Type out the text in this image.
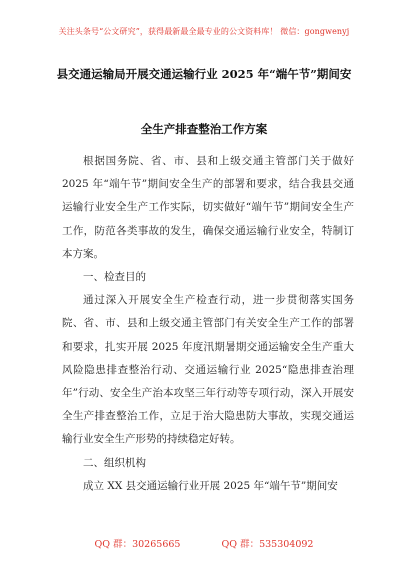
关注头条号“公文研究”，获得最新最全最专业的公文资料库！ 微信：gongwenyj
县交通运输局开展交通运输行业 2025 年“端午节”期间安
全生产排查整治工作方案

根据国务院、省、市、县和上级交通主管部门关于做好 2025 年“端午节”期间安全生产的部署和要求，结合我县交通运输行业安全生产工作实际，切实做好“端午节”期间安全生产工作，防范各类事故的发生，确保交通运输行业安全，特制订本方案。

一、检查目的

通过深入开展安全生产检查行动，进一步贯彻落实国务院、省、市、县和上级交通主管部门有关安全生产工作的部署和要求，扎实开展 2025 年度汛期暑期交通运输安全生产重大风险隐患排查整治行动、交通运输行业 2025“隐患排查治理年”行动、安全生产治本攻坚三年行动等专项行动，深入开展安全生产排查整治工作，立足于治大隐患防大事故，实现交通运输行业安全生产形势的持续稳定好转。

二、组织机构

成立 XX 县交通运输行业开展 2025 年“端午节”期间安

QQ 群：30265665	QQ 群：535304092
